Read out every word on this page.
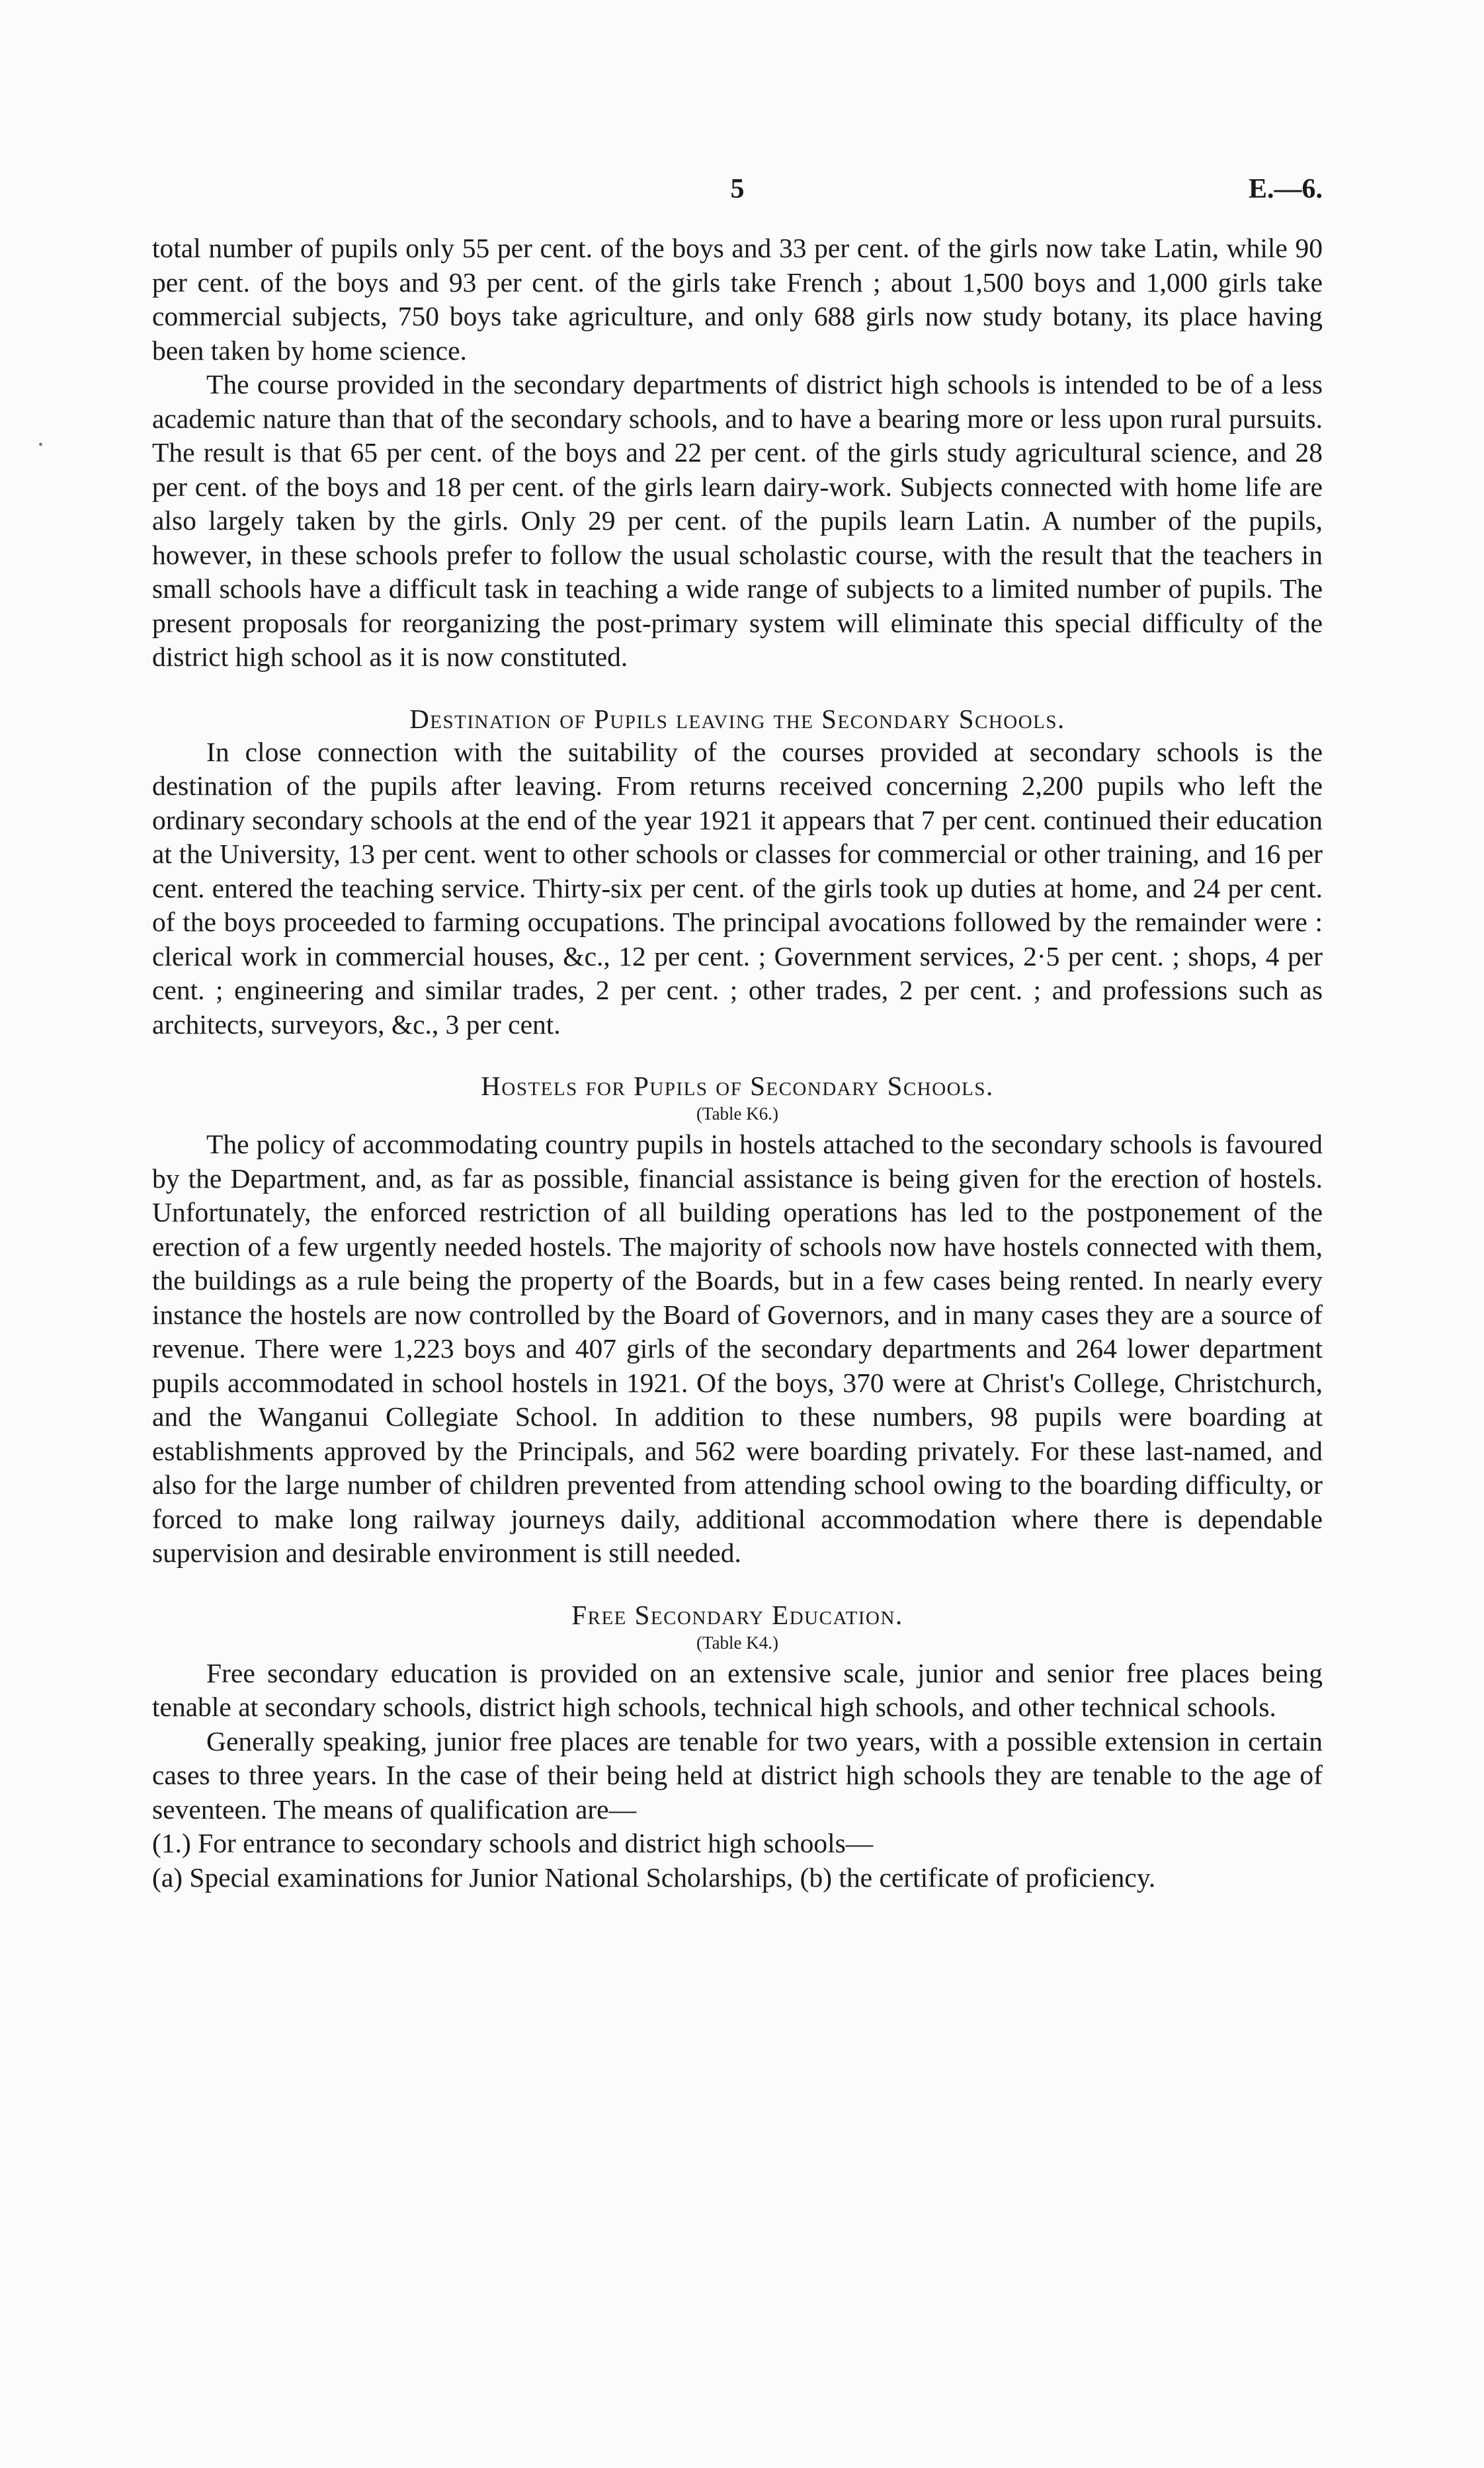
5	E.—6.
•

total number of pupils only 55 per cent. of the boys and 33 per cent. of the girls now take Latin, while 90 per cent. of the boys and 93 per cent. of the girls take French ; about 1,500 boys and 1,000 girls take commercial subjects, 750 boys take agriculture, and only 688 girls now study botany, its place having been taken by home science.

The course provided in the secondary departments of district high schools is intended to be of a less academic nature than that of the secondary schools, and to have a bearing more or less upon rural pursuits. The result is that 65 per cent. of the boys and 22 per cent. of the girls study agricultural science, and 28 per cent. of the boys and 18 per cent. of the girls learn dairy-work. Subjects connected with home life are also largely taken by the girls. Only 29 per cent. of the pupils learn Latin. A number of the pupils, however, in these schools prefer to follow the usual scholastic course, with the result that the teachers in small schools have a difficult task in teaching a wide range of subjects to a limited number of pupils. The present proposals for reorganizing the post-primary system will eliminate this special difficulty of the district high school as it is now constituted.

Destination of Pupils leaving the Secondary Schools.

In close connection with the suitability of the courses provided at secondary schools is the destination of the pupils after leaving. From returns received concerning 2,200 pupils who left the ordinary secondary schools at the end of the year 1921 it appears that 7 per cent. continued their education at the University, 13 per cent. went to other schools or classes for commercial or other training, and 16 per cent. entered the teaching service. Thirty-six per cent. of the girls took up duties at home, and 24 per cent. of the boys proceeded to farming occupations. The principal avocations followed by the remainder were : clerical work in commercial houses, &c., 12 per cent. ; Government services, 2·5 per cent. ; shops, 4 per cent. ; engineering and similar trades, 2 per cent. ; other trades, 2 per cent. ; and professions such as architects, surveyors, &c., 3 per cent.

Hostels for Pupils of Secondary Schools.
(Table K6.)

The policy of accommodating country pupils in hostels attached to the secondary schools is favoured by the Department, and, as far as possible, financial assistance is being given for the erection of hostels. Unfortunately, the enforced restriction of all building operations has led to the postponement of the erection of a few urgently needed hostels. The majority of schools now have hostels connected with them, the buildings as a rule being the property of the Boards, but in a few cases being rented. In nearly every instance the hostels are now controlled by the Board of Governors, and in many cases they are a source of revenue. There were 1,223 boys and 407 girls of the secondary departments and 264 lower department pupils accommodated in school hostels in 1921. Of the boys, 370 were at Christ's College, Christchurch, and the Wanganui Collegiate School. In addition to these numbers, 98 pupils were boarding at establishments approved by the Principals, and 562 were boarding privately. For these last-named, and also for the large number of children prevented from attending school owing to the boarding difficulty, or forced to make long railway journeys daily, additional accommodation where there is dependable supervision and desirable environment is still needed.

Free Secondary Education.
(Table K4.)

Free secondary education is provided on an extensive scale, junior and senior free places being tenable at secondary schools, district high schools, technical high schools, and other technical schools.

Generally speaking, junior free places are tenable for two years, with a possible extension in certain cases to three years. In the case of their being held at district high schools they are tenable to the age of seventeen. The means of qualification are—

(1.) For entrance to secondary schools and district high schools—

(a) Special examinations for Junior National Scholarships, (b) the certificate of proficiency.
